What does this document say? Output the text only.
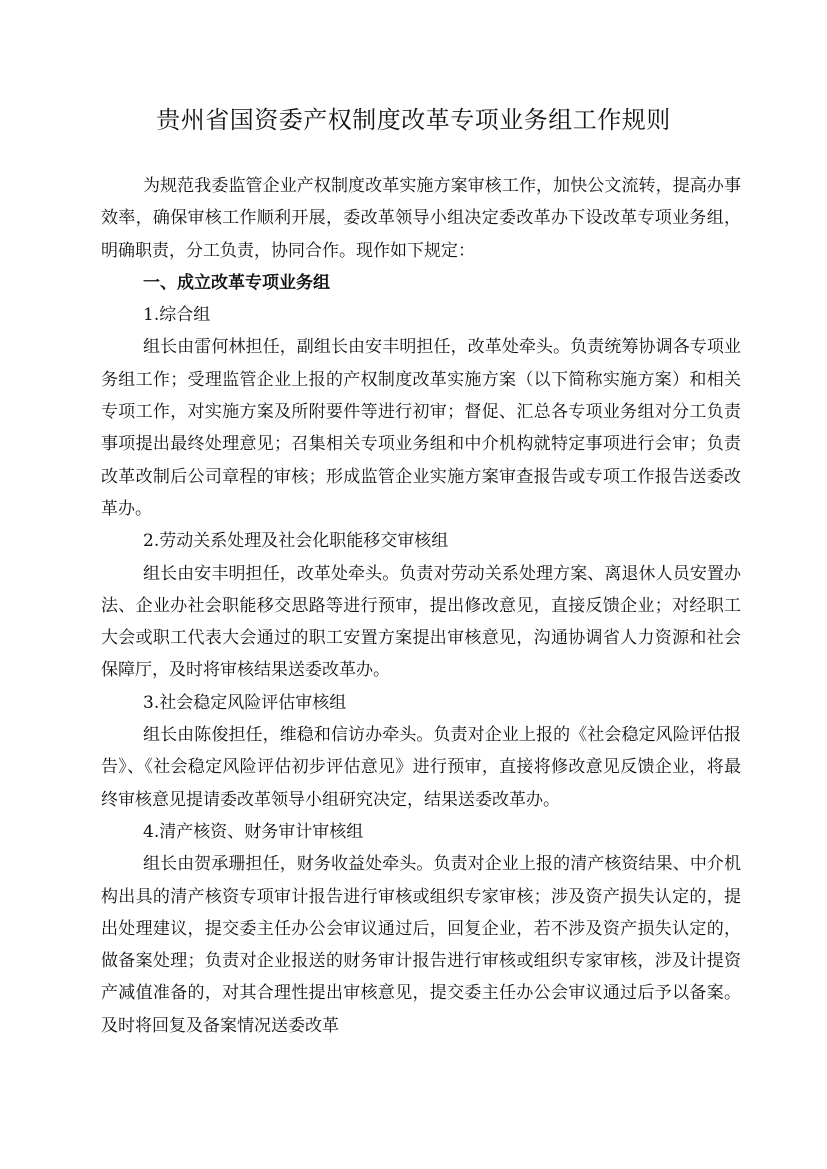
贵州省国资委产权制度改革专项业务组工作规则

为规范我委监管企业产权制度改革实施方案审核工作，加快公文流转，提高办事效率，确保审核工作顺利开展，委改革领导小组决定委改革办下设改革专项业务组，明确职责，分工负责，协同合作。现作如下规定：

一、成立改革专项业务组

1.综合组

组长由雷何林担任，副组长由安丰明担任，改革处牵头。负责统筹协调各专项业务组工作；受理监管企业上报的产权制度改革实施方案（以下简称实施方案）和相关专项工作，对实施方案及所附要件等进行初审；督促、汇总各专项业务组对分工负责事项提出最终处理意见；召集相关专项业务组和中介机构就特定事项进行会审；负责改革改制后公司章程的审核；形成监管企业实施方案审查报告或专项工作报告送委改革办。

2.劳动关系处理及社会化职能移交审核组

组长由安丰明担任，改革处牵头。负责对劳动关系处理方案、离退休人员安置办法、企业办社会职能移交思路等进行预审，提出修改意见，直接反馈企业；对经职工大会或职工代表大会通过的职工安置方案提出审核意见，沟通协调省人力资源和社会保障厅，及时将审核结果送委改革办。

3.社会稳定风险评估审核组

组长由陈俊担任，维稳和信访办牵头。负责对企业上报的《社会稳定风险评估报告》、《社会稳定风险评估初步评估意见》进行预审，直接将修改意见反馈企业，将最终审核意见提请委改革领导小组研究决定，结果送委改革办。

4.清产核资、财务审计审核组

组长由贺承珊担任，财务收益处牵头。负责对企业上报的清产核资结果、中介机构出具的清产核资专项审计报告进行审核或组织专家审核；涉及资产损失认定的，提出处理建议，提交委主任办公会审议通过后，回复企业，若不涉及资产损失认定的，做备案处理；负责对企业报送的财务审计报告进行审核或组织专家审核，涉及计提资产减值准备的，对其合理性提出审核意见，提交委主任办公会审议通过后予以备案。及时将回复及备案情况送委改革
